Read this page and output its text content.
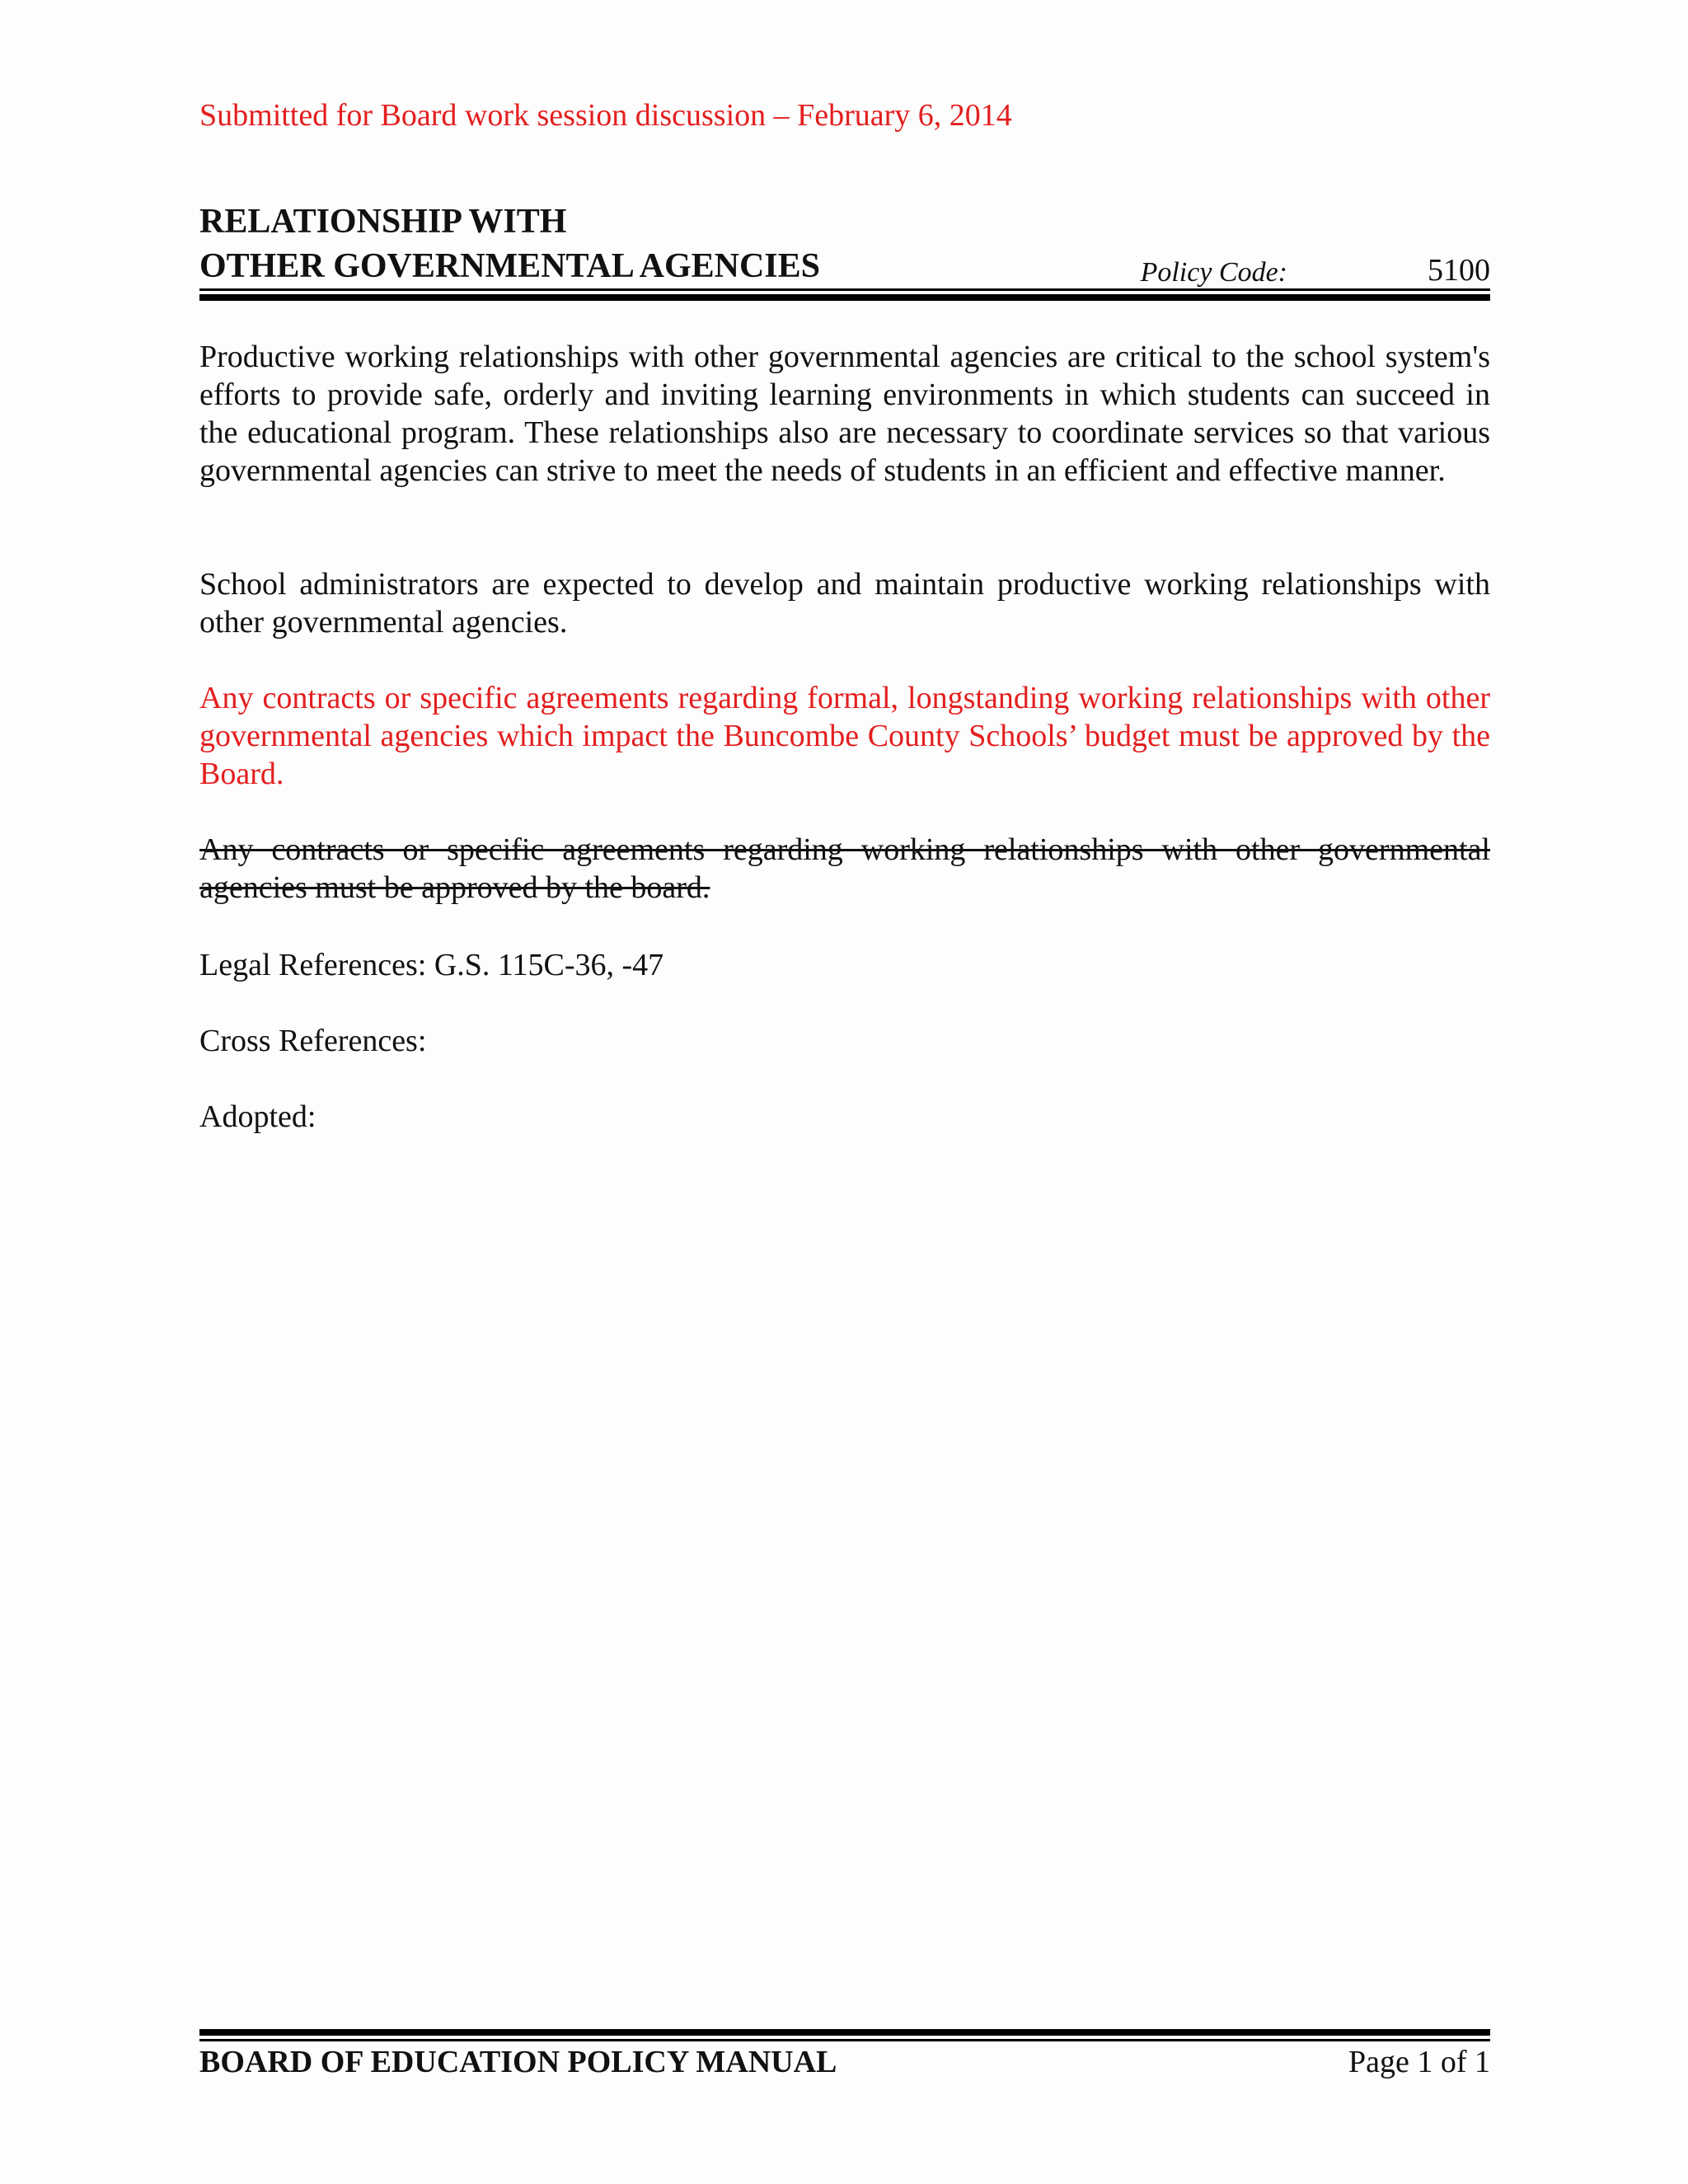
Submitted for Board work session discussion – February 6, 2014
RELATIONSHIP WITH
OTHER GOVERNMENTAL AGENCIES	Policy Code:	5100

Productive working relationships with other governmental agencies are critical to the school system's efforts to provide safe, orderly and inviting learning environments in which students can succeed in the educational program. These relationships also are necessary to coordinate services so that various governmental agencies can strive to meet the needs of students in an efficient and effective manner.

School administrators are expected to develop and maintain productive working relationships with other governmental agencies.

Any contracts or specific agreements regarding formal, longstanding working relationships with other governmental agencies which impact the Buncombe County Schools’ budget must be approved by the Board.

Any contracts or specific agreements regarding working relationships with other governmental agencies must be approved by the board.

Legal References: G.S. 115C-36, -47

Cross References:

Adopted:

BOARD OF EDUCATION POLICY MANUAL	Page 1 of 1
